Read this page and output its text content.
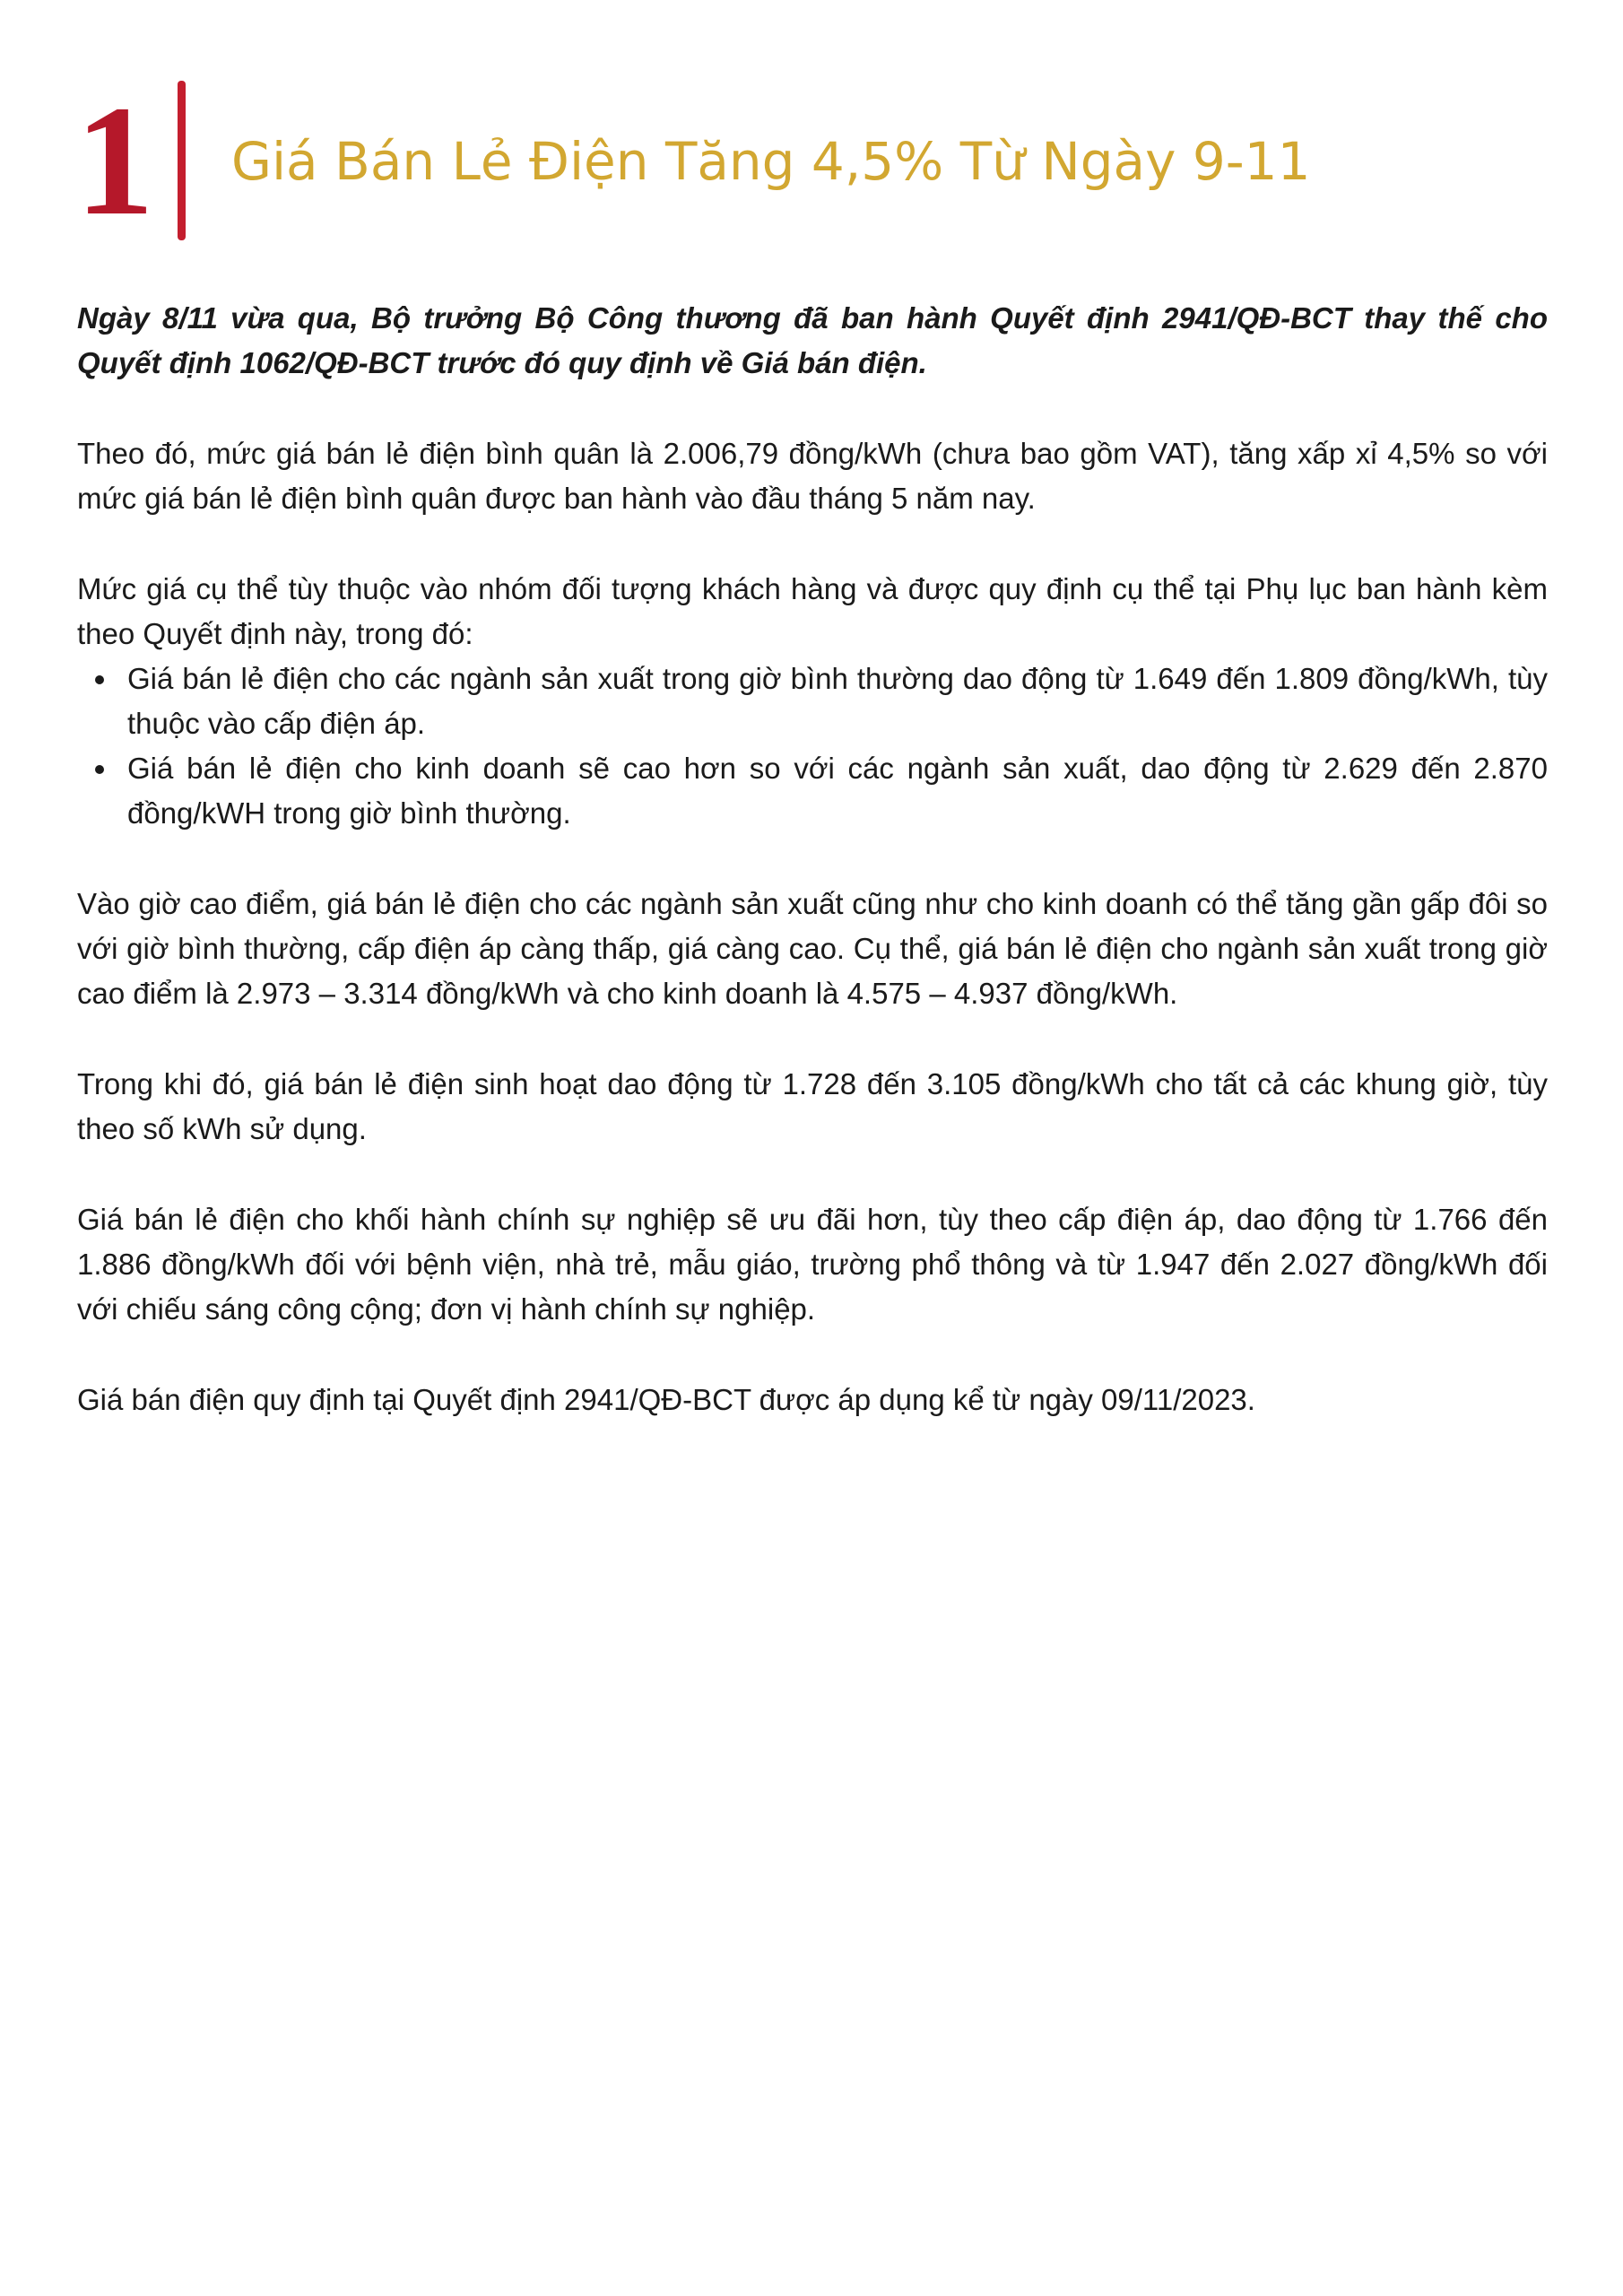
1 Giá Bán Lẻ Điện Tăng 4,5% Từ Ngày 9-11

Ngày 8/11 vừa qua, Bộ trưởng Bộ Công thương đã ban hành Quyết định 2941/QĐ-BCT thay thế cho Quyết định 1062/QĐ-BCT trước đó quy định về Giá bán điện.

Theo đó, mức giá bán lẻ điện bình quân là 2.006,79 đồng/kWh (chưa bao gồm VAT), tăng xấp xỉ 4,5% so với mức giá bán lẻ điện bình quân được ban hành vào đầu tháng 5 năm nay.

Mức giá cụ thể tùy thuộc vào nhóm đối tượng khách hàng và được quy định cụ thể tại Phụ lục ban hành kèm theo Quyết định này, trong đó:

Giá bán lẻ điện cho các ngành sản xuất trong giờ bình thường dao động từ 1.649 đến 1.809 đồng/kWh, tùy thuộc vào cấp điện áp.
Giá bán lẻ điện cho kinh doanh sẽ cao hơn so với các ngành sản xuất, dao động từ 2.629 đến 2.870 đồng/kWH trong giờ bình thường.

Vào giờ cao điểm, giá bán lẻ điện cho các ngành sản xuất cũng như cho kinh doanh có thể tăng gần gấp đôi so với giờ bình thường, cấp điện áp càng thấp, giá càng cao. Cụ thể, giá bán lẻ điện cho ngành sản xuất trong giờ cao điểm là 2.973 – 3.314 đồng/kWh và cho kinh doanh là 4.575 – 4.937 đồng/kWh.

Trong khi đó, giá bán lẻ điện sinh hoạt dao động từ 1.728 đến 3.105 đồng/kWh cho tất cả các khung giờ, tùy theo số kWh sử dụng.

Giá bán lẻ điện cho khối hành chính sự nghiệp sẽ ưu đãi hơn, tùy theo cấp điện áp, dao động từ 1.766 đến 1.886 đồng/kWh đối với bệnh viện, nhà trẻ, mẫu giáo, trường phổ thông và từ 1.947 đến 2.027 đồng/kWh đối với chiếu sáng công cộng; đơn vị hành chính sự nghiệp.

Giá bán điện quy định tại Quyết định 2941/QĐ-BCT được áp dụng kể từ ngày 09/11/2023.
